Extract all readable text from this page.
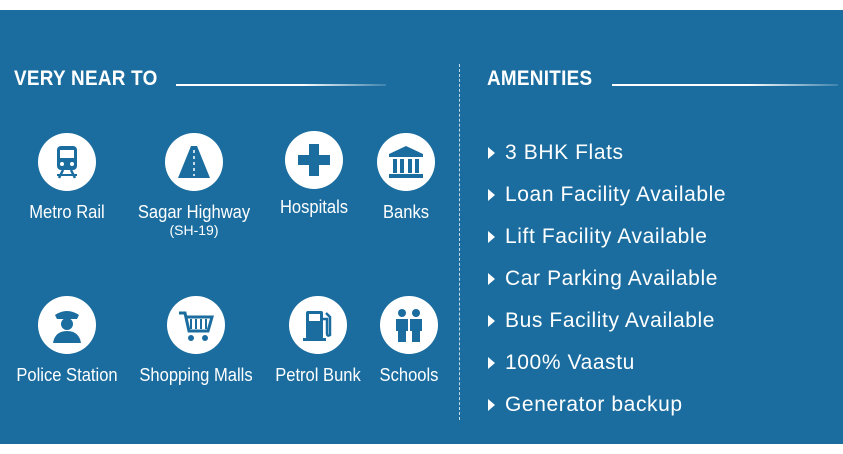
VERY NEAR TO
Metro Rail	Sagar Highway
(SH-19)
Hospitals	Banks
Police Station	Shopping Malls	Petrol Bunk	Schools
AMENITIES
3 BHK Flats
Loan Facility Available
Lift Facility Available
Car Parking Available
Bus Facility Available
100% Vaastu
Generator backup
